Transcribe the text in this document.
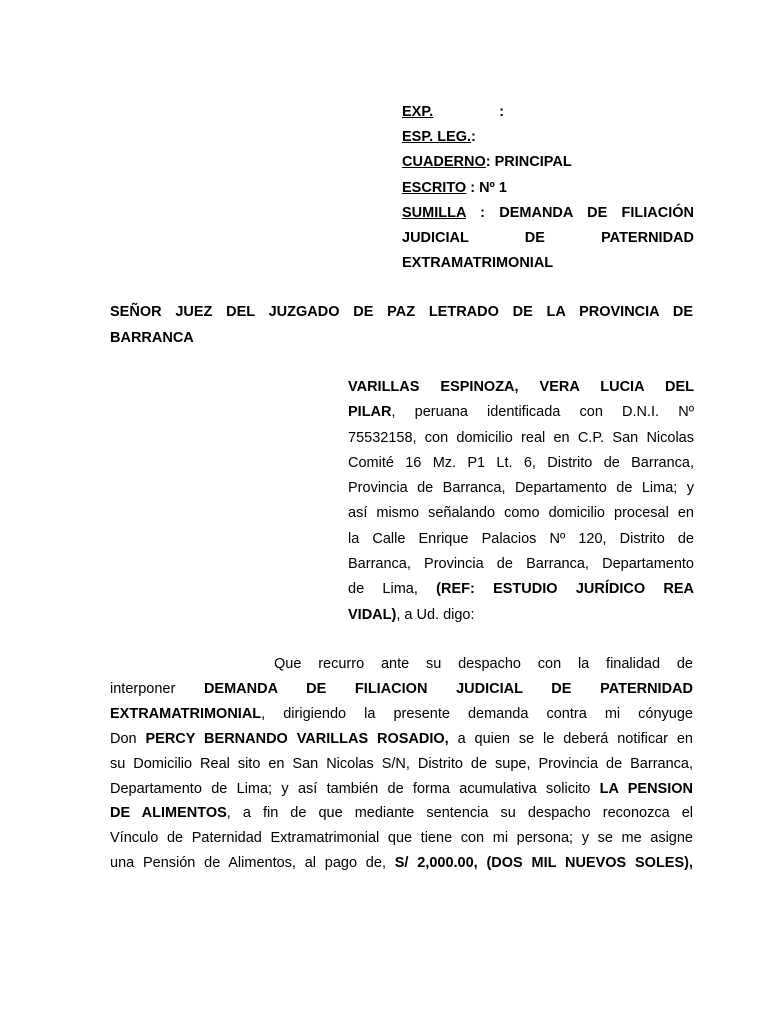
EXP.	:
ESP. LEG.:
CUADERNO: PRINCIPAL
ESCRITO : Nº 1
SUMILLA : DEMANDA DE FILIACIÓN
JUDICIAL DE PATERNIDAD
EXTRAMATRIMONIAL
SEÑOR JUEZ DEL JUZGADO DE PAZ LETRADO DE LA PROVINCIA DE
BARRANCA
VARILLAS ESPINOZA, VERA LUCIA DEL
PILAR, peruana identificada con D.N.I. Nº
75532158, con domicilio real en C.P. San Nicolas
Comité 16 Mz. P1 Lt. 6, Distrito de Barranca,
Provincia de Barranca, Departamento de Lima; y
así mismo señalando como domicilio procesal en
la Calle Enrique Palacios Nº 120, Distrito de
Barranca, Provincia de Barranca, Departamento
de Lima, (REF: ESTUDIO JURÍDICO REA
VIDAL), a Ud. digo:
Que recurro ante su despacho con la finalidad de
interponer DEMANDA DE FILIACION JUDICIAL DE PATERNIDAD
EXTRAMATRIMONIAL, dirigiendo la presente demanda contra mi cónyuge
Don PERCY BERNANDO VARILLAS ROSADIO, a quien se le deberá notificar en
su Domicilio Real sito en San Nicolas S/N, Distrito de supe, Provincia de Barranca,
Departamento de Lima; y así también de forma acumulativa solicito LA PENSION
DE ALIMENTOS, a fin de que mediante sentencia su despacho reconozca el
Vínculo de Paternidad Extramatrimonial que tiene con mi persona; y se me asigne
una Pensión de Alimentos, al pago de, S/ 2,000.00, (DOS MIL NUEVOS SOLES),
